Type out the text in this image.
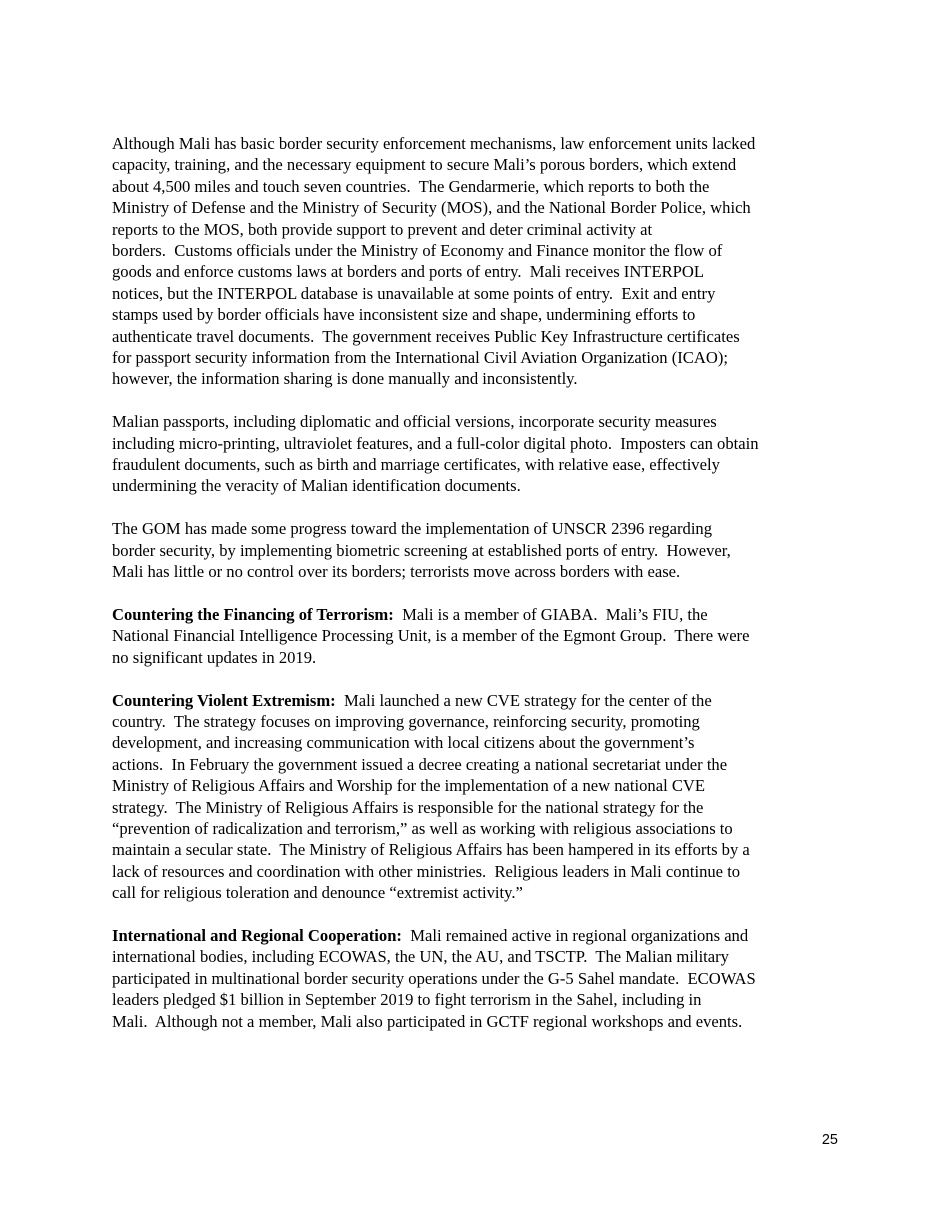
Although Mali has basic border security enforcement mechanisms, law enforcement units lacked
capacity, training, and the necessary equipment to secure Mali’s porous borders, which extend
about 4,500 miles and touch seven countries.  The Gendarmerie, which reports to both the
Ministry of Defense and the Ministry of Security (MOS), and the National Border Police, which
reports to the MOS, both provide support to prevent and deter criminal activity at
borders.  Customs officials under the Ministry of Economy and Finance monitor the flow of
goods and enforce customs laws at borders and ports of entry.  Mali receives INTERPOL
notices, but the INTERPOL database is unavailable at some points of entry.  Exit and entry
stamps used by border officials have inconsistent size and shape, undermining efforts to
authenticate travel documents.  The government receives Public Key Infrastructure certificates
for passport security information from the International Civil Aviation Organization (ICAO);
however, the information sharing is done manually and inconsistently.

Malian passports, including diplomatic and official versions, incorporate security measures
including micro-printing, ultraviolet features, and a full-color digital photo.  Imposters can obtain
fraudulent documents, such as birth and marriage certificates, with relative ease, effectively
undermining the veracity of Malian identification documents.

The GOM has made some progress toward the implementation of UNSCR 2396 regarding
border security, by implementing biometric screening at established ports of entry.  However,
Mali has little or no control over its borders; terrorists move across borders with ease.

Countering the Financing of Terrorism:  Mali is a member of GIABA.  Mali’s FIU, the
National Financial Intelligence Processing Unit, is a member of the Egmont Group.  There were
no significant updates in 2019.

Countering Violent Extremism:  Mali launched a new CVE strategy for the center of the
country.  The strategy focuses on improving governance, reinforcing security, promoting
development, and increasing communication with local citizens about the government’s
actions.  In February the government issued a decree creating a national secretariat under the
Ministry of Religious Affairs and Worship for the implementation of a new national CVE
strategy.  The Ministry of Religious Affairs is responsible for the national strategy for the
“prevention of radicalization and terrorism,” as well as working with religious associations to
maintain a secular state.  The Ministry of Religious Affairs has been hampered in its efforts by a
lack of resources and coordination with other ministries.  Religious leaders in Mali continue to
call for religious toleration and denounce “extremist activity.”

International and Regional Cooperation:  Mali remained active in regional organizations and
international bodies, including ECOWAS, the UN, the AU, and TSCTP.  The Malian military
participated in multinational border security operations under the G-5 Sahel mandate.  ECOWAS
leaders pledged $1 billion in September 2019 to fight terrorism in the Sahel, including in
Mali.  Although not a member, Mali also participated in GCTF regional workshops and events.

25
